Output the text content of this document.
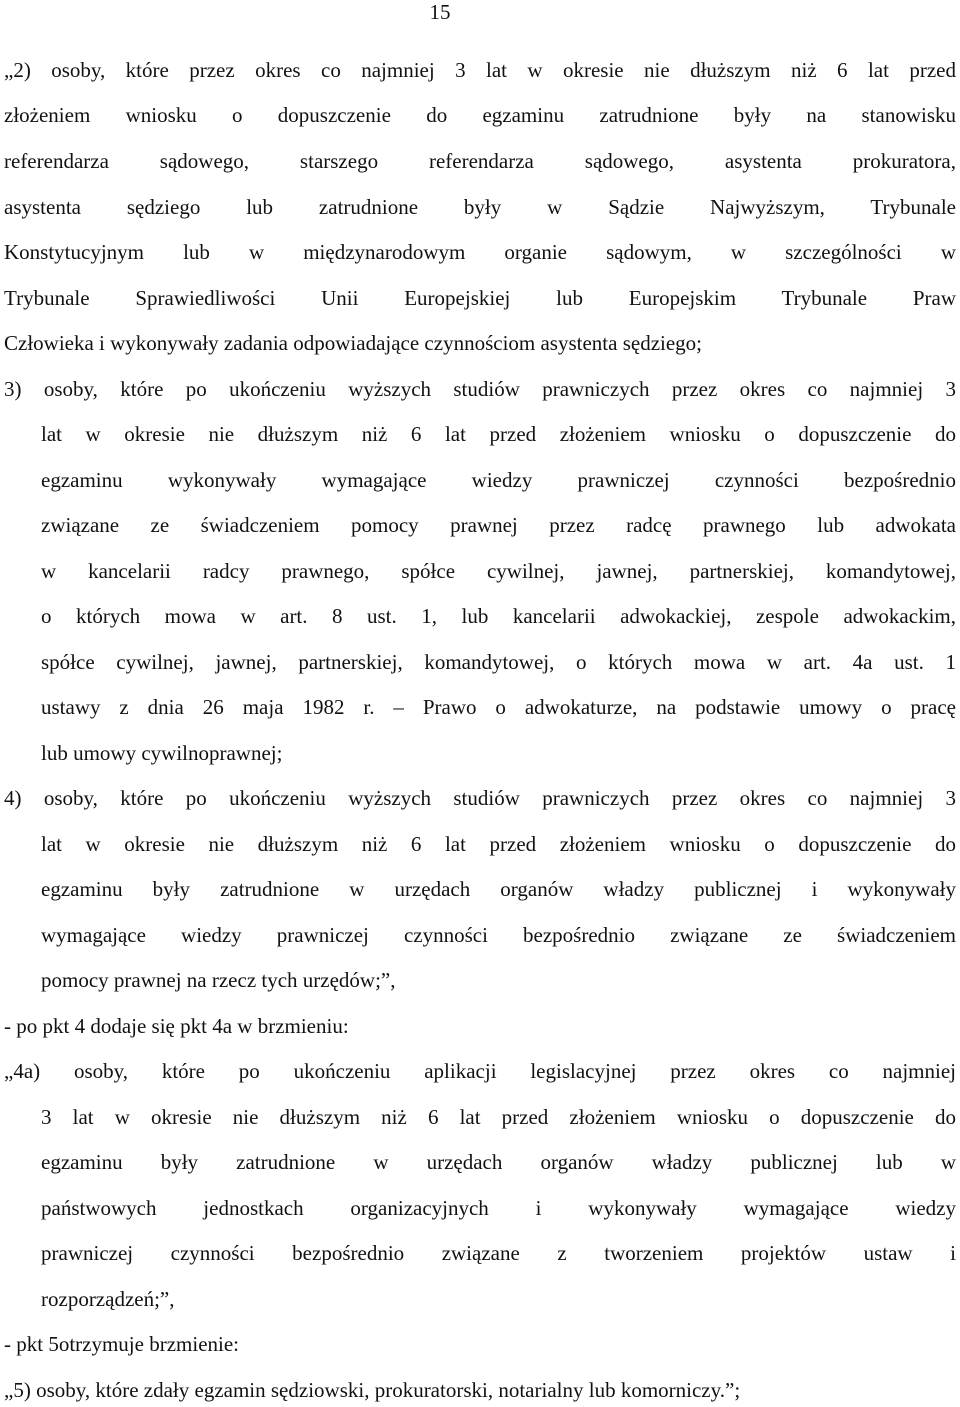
15
„2) osoby, które przez okres co najmniej 3 lat w okresie nie dłuższym niż 6 lat przed
złożeniem wniosku o dopuszczenie do egzaminu zatrudnione były na stanowisku
referendarza sądowego, starszego referendarza sądowego, asystenta prokuratora,
asystenta sędziego lub zatrudnione były w Sądzie Najwyższym, Trybunale
Konstytucyjnym lub w międzynarodowym organie sądowym, w szczególności w
Trybunale Sprawiedliwości Unii Europejskiej lub Europejskim Trybunale Praw
Człowieka i wykonywały zadania odpowiadające czynnościom asystenta sędziego;
3) osoby, które po ukończeniu wyższych studiów prawniczych przez okres co najmniej 3
lat w okresie nie dłuższym niż 6 lat przed złożeniem wniosku o dopuszczenie do
egzaminu wykonywały wymagające wiedzy prawniczej czynności bezpośrednio
związane ze świadczeniem pomocy prawnej przez radcę prawnego lub adwokata
w kancelarii radcy prawnego, spółce cywilnej, jawnej, partnerskiej, komandytowej,
o których mowa w art. 8 ust. 1, lub kancelarii adwokackiej, zespole adwokackim,
spółce cywilnej, jawnej, partnerskiej, komandytowej, o których mowa w art. 4a ust. 1
ustawy z dnia 26 maja 1982 r. – Prawo o adwokaturze, na podstawie umowy o pracę
lub umowy cywilnoprawnej;
4) osoby, które po ukończeniu wyższych studiów prawniczych przez okres co najmniej 3
lat w okresie nie dłuższym niż 6 lat przed złożeniem wniosku o dopuszczenie do
egzaminu były zatrudnione w urzędach organów władzy publicznej i wykonywały
wymagające wiedzy prawniczej czynności bezpośrednio związane ze świadczeniem
pomocy prawnej na rzecz tych urzędów;”,
- po pkt 4 dodaje się pkt 4a w brzmieniu:
„4a) osoby, które po ukończeniu aplikacji legislacyjnej przez okres co najmniej
3 lat w okresie nie dłuższym niż 6 lat przed złożeniem wniosku o dopuszczenie do
egzaminu były zatrudnione w urzędach organów władzy publicznej lub w
państwowych jednostkach organizacyjnych i wykonywały wymagające wiedzy
prawniczej czynności bezpośrednio związane z tworzeniem projektów ustaw i
rozporządzeń;”,
- pkt 5otrzymuje brzmienie:
„5) osoby, które zdały egzamin sędziowski, prokuratorski, notarialny lub komorniczy.”;
